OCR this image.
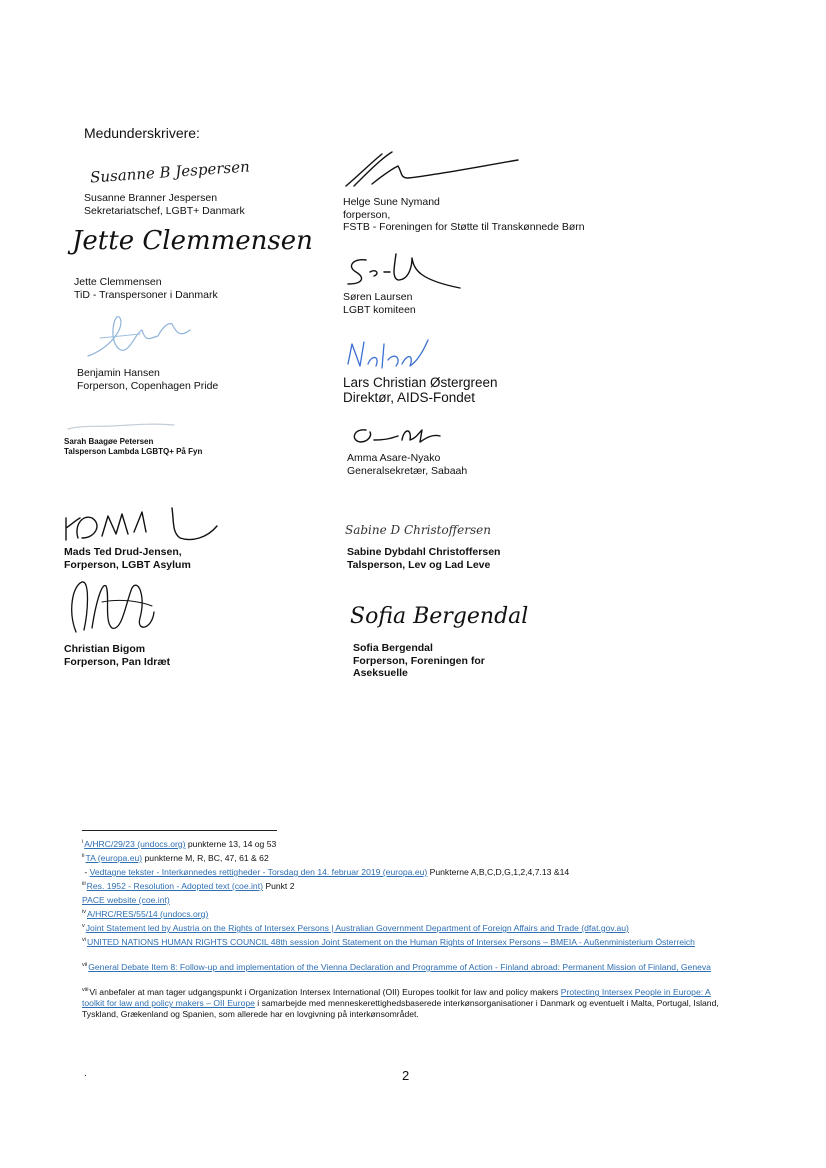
Medunderskrivere:
Susanne B Jespersen
Susanne Branner Jespersen
Sekretariatschef, LGBT+ Danmark
Jette Clemmensen
Jette Clemmensen
TiD - Transpersoner i Danmark
Benjamin Hansen
Forperson, Copenhagen Pride
Sarah Baagøe Petersen
Talsperson Lambda LGBTQ+ På Fyn
Mads Ted Drud-Jensen,
Forperson, LGBT Asylum
Christian Bigom
Forperson, Pan Idræt
Helge Sune Nymand
forperson,
FSTB - Foreningen for Støtte til Transkønnede Børn
Søren Laursen
LGBT komiteen
Lars Christian Østergreen
Direktør, AIDS-Fondet
Amma Asare-Nyako
Generalsekretær, Sabaah
Sabine D Christoffersen
Sabine Dybdahl Christoffersen
Talsperson, Lev og Lad Leve
Sofia Bergendal
Sofia Bergendal
Forperson, Foreningen for
Aseksuelle
$^i$A/HRC/29/23 (undocs.org) punkterne 13, 14 og 53
$^{ii}$TA (europa.eu) punkterne M, R, BC, 47, 61 & 62
- Vedtagne tekster - Interkønnedes rettigheder - Torsdag den 14. februar 2019 (europa.eu) Punkterne A,B,C,D,G,1,2,4,7.13 &14
$^{iii}$Res. 1952 - Resolution - Adopted text (coe.int) Punkt 2
PACE website (coe.int)
$^{iv}$A/HRC/RES/55/14 (undocs.org)
$^v$Joint Statement led by Austria on the Rights of Intersex Persons | Australian Government Department of Foreign Affairs and Trade (dfat.gov.au)
$^{vi}$UNITED NATIONS HUMAN RIGHTS COUNCIL 48th session Joint Statement on the Human Rights of Intersex Persons – BMEIA - Außenministerium Österreich
$^{vii}$General Debate Item 8: Follow-up and implementation of the Vienna Declaration and Programme of Action - Finland abroad: Permanent Mission of Finland, Geneva
$^{viii}$Vi anbefaler at man tager udgangspunkt i Organization Intersex International (OII) Europes toolkit for law and policy makers Protecting Intersex People in Europe: A toolkit for law and policy makers – OII Europe i samarbejde med menneskerettighedsbaserede interkønsorganisationer i Danmark og eventuelt i Malta, Portugal, Island, Tyskland, Grækenland og Spanien, som allerede har en lovgivning på interkønsområdet.
.	2
